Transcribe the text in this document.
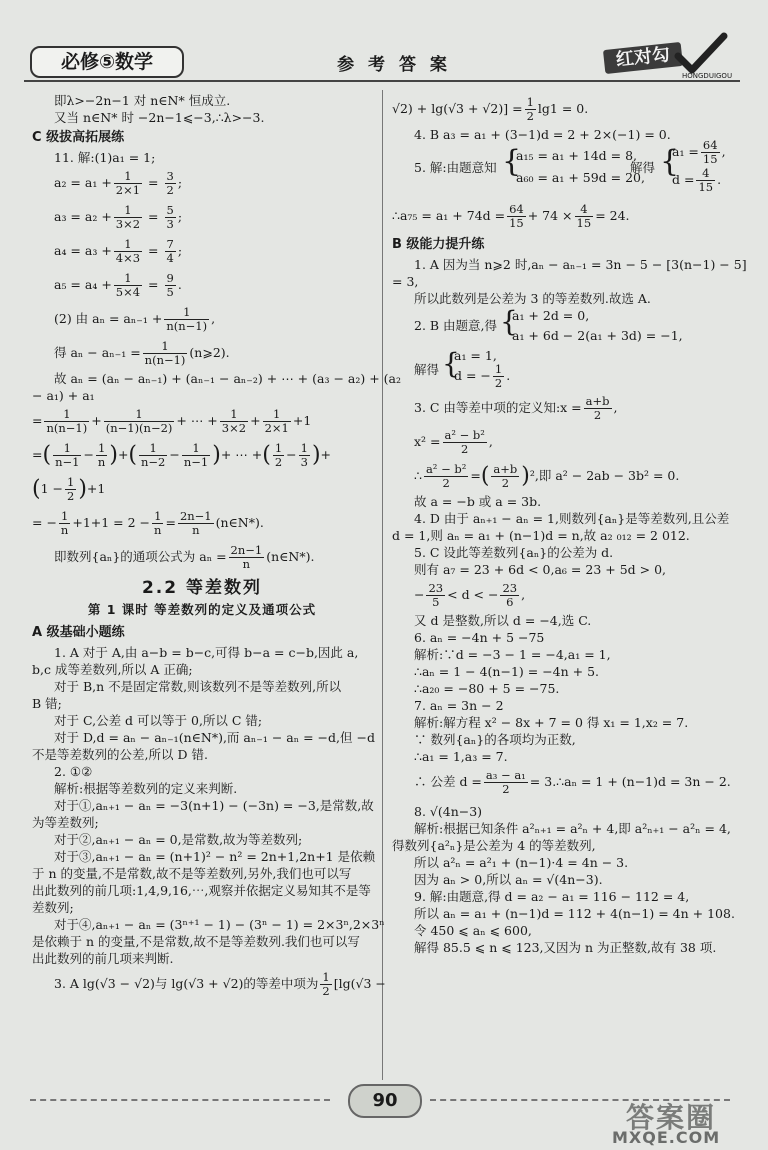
必修⑤数学	参 考 答 案	红对勾
HONGDUIGOU
即λ>−2n−1 对 n∈N* 恒成立.
又当 n∈N* 时 −2n−1⩽−3,∴λ>−3.
C 级拔高拓展练
11. 解:(1)a₁ = 1;
$a_2 = a_1 + \frac{1}{2\times 1} = \frac{3}{2}$ ;
$a_3 = a_2 + \frac{1}{3\times 2} = \frac{5}{3}$ ;
$a_4 = a_3 + \frac{1}{4\times 3} = \frac{7}{4}$ ;
$a_5 = a_4 + \frac{1}{5\times 4} = \frac{9}{5}$ .
(2) 由 $a_n = a_{n-1} + \frac{1}{n(n-1)}$ ,
得 $a_n - a_{n-1} = \frac{1}{n(n-1)}$ (n⩾2).
故 aₙ = (aₙ − aₙ₋₁) + (aₙ₋₁ − aₙ₋₂) + ⋯ + (a₃ − a₂) + (a₂
− a₁) + a₁
= $\frac{1}{n(n-1)} + \frac{1}{(n-1)(n-2)}$ + ⋯ + $\frac{1}{3\times 2} + \frac{1}{2\times 1} +1$
=( $\frac{1}{n-1} - \frac{1}{n}$ )+( $\frac{1}{n-2} - \frac{1}{n-1}$ )+ ⋯ +( $\frac{1}{2} - \frac{1}{3}$ )+
$(1 - \frac{1}{2} )+1$
= − $\frac{1}{n} +1+1 = 2 - \frac{1}{n} = \frac{2n-1}{n}$ (n∈N*).
即数列{aₙ}的通项公式为 $a_n = \frac{2n-1}{n}$ (n∈N*).
2.2 等差数列
第 1 课时 等差数列的定义及通项公式
A 级基础小题练
1. A 对于 A,由 a−b = b−c,可得 b−a = c−b,因此 a,
b,c 成等差数列,所以 A 正确;
对于 B,n 不是固定常数,则该数列不是等差数列,所以
B 错;
对于 C,公差 d 可以等于 0,所以 C 错;
对于 D,d = aₙ − aₙ₋₁(n∈N*),而 aₙ₋₁ − aₙ = −d,但 −d
不是等差数列的公差,所以 D 错.
2. ①②
解析:根据等差数列的定义来判断.
对于①,aₙ₊₁ − aₙ = −3(n+1) − (−3n) = −3,是常数,故
为等差数列;
对于②,aₙ₊₁ − aₙ = 0,是常数,故为等差数列;
对于③,aₙ₊₁ − aₙ = (n+1)² − n² = 2n+1,2n+1 是依赖
于 n 的变量,不是常数,故不是等差数列,另外,我们也可以写
出此数列的前几项:1,4,9,16,⋯,观察并依据定义易知其不是等
差数列;
对于④,aₙ₊₁ − aₙ = (3ⁿ⁺¹ − 1) − (3ⁿ − 1) = 2×3ⁿ,2×3ⁿ
是依赖于 n 的变量,不是常数,故不是等差数列.我们也可以写
出此数列的前几项来判断.
3. A lg(√3 − √2)与 lg(√3 + √2)的等差中项为 $\frac{1}{2} [\lg(√3$ −
$√2) + \lg(√3 + √2)] = \frac{1}{2} \lg 1 = 0$.
4. B a₃ = a₁ + (3−1)d = 2 + 2×(−1) = 0.
5. 解:由题意知 {
a₁₅ = a₁ + 14d = 8,
a₆₀ = a₁ + 59d = 20,
解得 {
$a_1 = \frac{64}{15}$ ,
$d = \frac{4}{15}$ .
∴a₇₅ = $a_1 + 74d = \frac{64}{15} + 74 \times \frac{4}{15} = 24$.
B 级能力提升练
1. A 因为当 n⩾2 时,aₙ − aₙ₋₁ = 3n − 5 − [3(n−1) − 5]
= 3,
所以此数列是公差为 3 的等差数列.故选 A.
2. B 由题意,得 {
a₁ + 2d = 0,
a₁ + 6d − 2(a₁ + 3d) = −1,
解得 {
a₁ = 1,
d = − $\frac{1}{2}$ .
3. C 由等差中项的定义知:x = $\frac{a+b}{2}$ ,
$x^2 = \frac{\text{a² − b²}}{2}$ ,
∴ $\frac{\text{a² − b²}}{2}$ =( $\frac{a+b}{2} )^2$,即 a² − 2ab − 3b² = 0.
故 a = −b 或 a = 3b.
4. D 由于 aₙ₊₁ − aₙ = 1,则数列{aₙ}是等差数列,且公差
d = 1,则 aₙ = a₁ + (n−1)d = n,故 a₂ ₀₁₂ = 2 012.
5. C 设此等差数列{aₙ}的公差为 d.
则有 a₇ = 23 + 6d < 0,a₆ = 23 + 5d > 0,
− $\frac{23}{5} < d$ < − $\frac{23}{6}$ ,
又 d 是整数,所以 d = −4,选 C.
6. aₙ = −4n + 5 −75
解析:∵d = −3 − 1 = −4,a₁ = 1,
∴aₙ = 1 − 4(n−1) = −4n + 5.
∴a₂₀ = −80 + 5 = −75.
7. aₙ = 3n − 2
解析:解方程 x² − 8x + 7 = 0 得 x₁ = 1,x₂ = 7.
∵ 数列{aₙ}的各项均为正数,
∴a₁ = 1,a₃ = 7.
∴ 公差 $d = \frac{\text{a₃ − a₁}}{2}$ = 3.∴aₙ = 1 + (n−1)d = 3n − 2.
8. √(4n−3)
解析:根据已知条件 a²ₙ₊₁ = a²ₙ + 4,即 a²ₙ₊₁ − a²ₙ = 4,
得数列{a²ₙ}是公差为 4 的等差数列,
所以 a²ₙ = a²₁ + (n−1)·4 = 4n − 3.
因为 aₙ > 0,所以 aₙ = √(4n−3).
9. 解:由题意,得 d = a₂ − a₁ = 116 − 112 = 4,
所以 aₙ = a₁ + (n−1)d = 112 + 4(n−1) = 4n + 108.
令 450 ⩽ aₙ ⩽ 600,
解得 85.5 ⩽ n ⩽ 123,又因为 n 为正整数,故有 38 项.
90
答案圈
MXQE.COM
